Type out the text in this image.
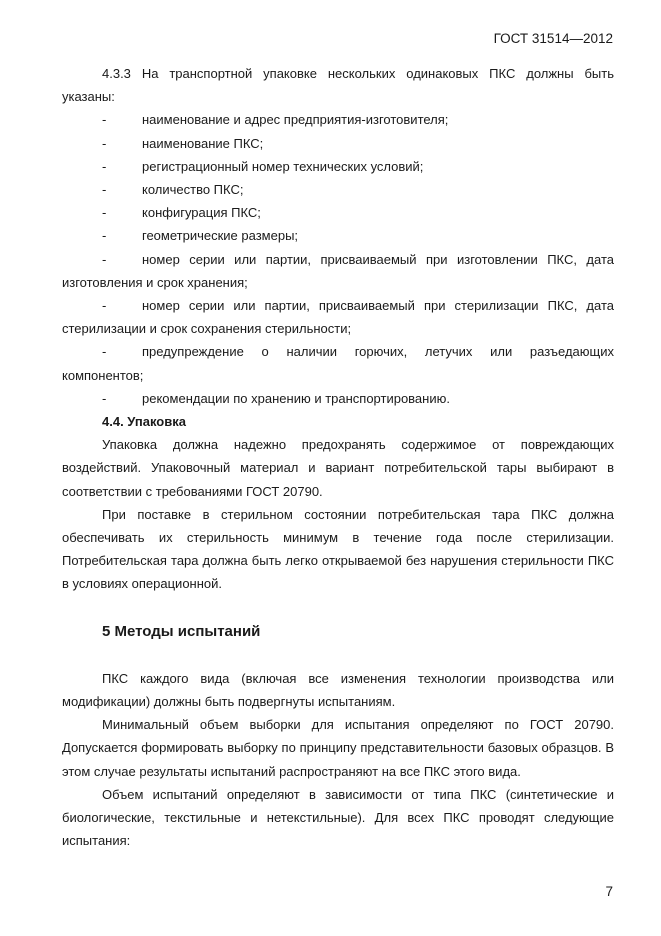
ГОСТ 31514—2012
4.3.3 На транспортной упаковке нескольких одинаковых ПКС должны быть

указаны:

-	наименование и адрес предприятия-изготовителя;
-	наименование ПКС;
-	регистрационный номер технических условий;
-	количество ПКС;
-	конфигурация ПКС;
-	геометрические размеры;
-	номер серии или партии, присваиваемый при изготовлении ПКС, дата

изготовления и срок хранения;

-	номер серии или партии, присваиваемый при стерилизации ПКС, дата

стерилизации и срок сохранения стерильности;

-	предупреждение о наличии горючих, летучих или разъедающих

компонентов;

-	рекомендации по хранению и транспортированию.

4.4. Упаковка

Упаковка должна надежно предохранять содержимое от повреждающих воздействий. Упаковочный материал и вариант потребительской тары выбирают в соответствии с требованиями ГОСТ 20790.

При поставке в стерильном состоянии потребительская тара ПКС должна обеспечивать их стерильность минимум в течение года после стерилизации. Потребительская тара должна быть легко открываемой без нарушения стерильности ПКС в условиях операционной.

5 Методы испытаний

ПКС каждого вида (включая все изменения технологии производства или модификации) должны быть подвергнуты испытаниям.

Минимальный объем выборки для испытания определяют по ГОСТ 20790. Допускается формировать выборку по принципу представительности базовых образцов. В этом случае результаты испытаний распространяют на все ПКС этого вида.

Объем испытаний определяют в зависимости от типа ПКС (синтетические и биологические, текстильные и нетекстильные). Для всех ПКС проводят следующие испытания:

7
